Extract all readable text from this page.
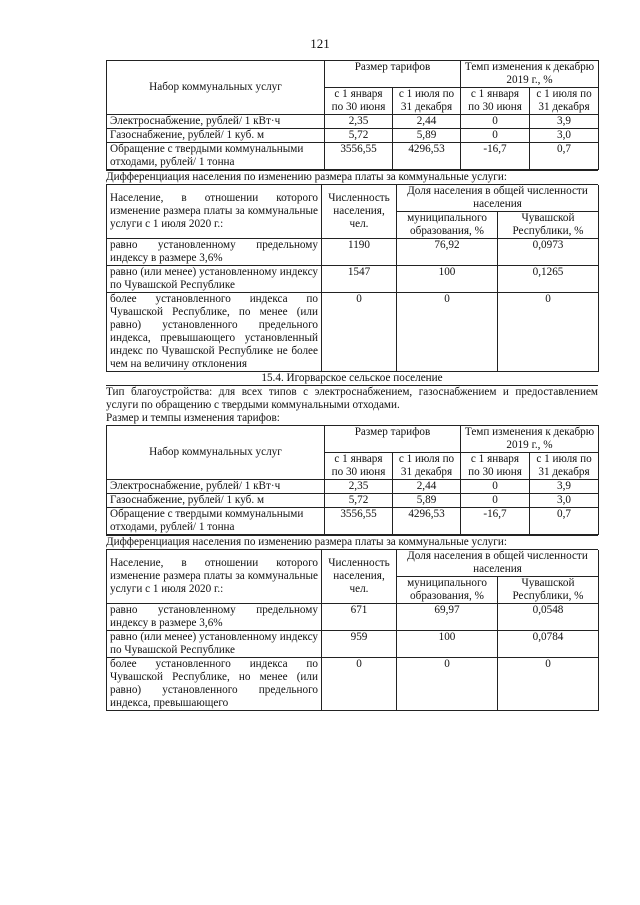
121
Набор коммунальных услуг	Размер тарифов		Темп изменения к декабрю 2019 г., %	
	с 1 января по 30 июня	с 1 июля по 31 декабря	с 1 января по 30 июня	с 1 июля по 31 декабря
Электроснабжение, рублей/ 1 кВт·ч	2,35	2,44	0	3,9
Газоснабжение, рублей/ 1 куб. м	5,72	5,89	0	3,0
Обращение с твердыми коммунальными отходами, рублей/ 1 тонна	3556,55	4296,53	-16,7	0,7
Дифференциация населения по изменению размера платы за коммунальные услуги:
Население, в отношении которого изменение размера платы за коммунальные услуги с 1 июля 2020 г.:	Численность населения, чел.	Доля населения в общей численности населения	
		муниципального образования, %	Чувашской Республики, %
равно установленному предельному индексу в размере 3,6%	1190	76,92	0,0973
равно (или менее) установленному индексу по Чувашской Республике	1547	100	0,1265
более установленного индекса по Чувашской Республике, по менее (или равно) установленного предельного индекса, превышающего установленный индекс по Чувашской Республике не более чем на величину отклонения	0	0	0
15.4. Игорварское сельское поселение
Тип благоустройства: для всех типов с электроснабжением, газоснабжением и предоставлением услуги по обращению с твердыми коммунальными отходами.
Размер и темпы изменения тарифов:
Набор коммунальных услуг	Размер тарифов		Темп изменения к декабрю 2019 г., %	
	с 1 января по 30 июня	с 1 июля по 31 декабря	с 1 января по 30 июня	с 1 июля по 31 декабря
Электроснабжение, рублей/ 1 кВт·ч	2,35	2,44	0	3,9
Газоснабжение, рублей/ 1 куб. м	5,72	5,89	0	3,0
Обращение с твердыми коммунальными отходами, рублей/ 1 тонна	3556,55	4296,53	-16,7	0,7
Дифференциация населения по изменению размера платы за коммунальные услуги:
Население, в отношении которого изменение размера платы за коммунальные услуги с 1 июля 2020 г.:	Численность населения, чел.	Доля населения в общей численности населения	
		муниципального образования, %	Чувашской Республики, %
равно установленному предельному индексу в размере 3,6%	671	69,97	0,0548
равно (или менее) установленному индексу по Чувашской Республике	959	100	0,0784
более установленного индекса по Чувашской Республике, но менее (или равно) установленного предельного индекса, превышающего	0	0	0
